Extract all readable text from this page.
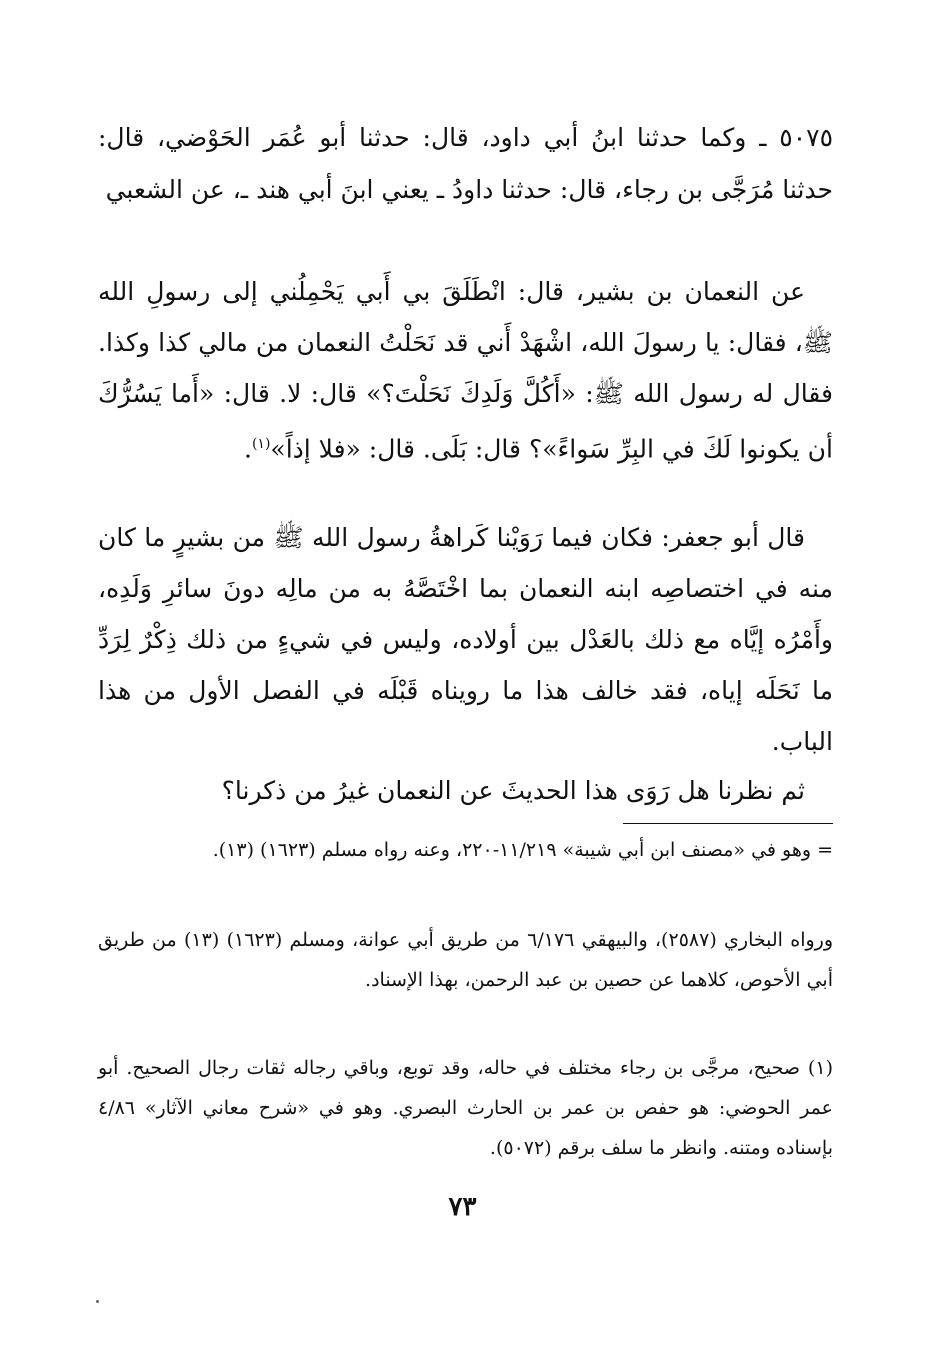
٥٠٧٥ ـ وكما حدثنا ابنُ أبي داود، قال: حدثنا أبو عُمَر الحَوْضي، قال: حدثنا مُرَجَّى بن رجاء، قال: حدثنا داودُ ـ يعني ابنَ أبي هند ـ، عن الشعبي

عن النعمان بن بشير، قال: انْطَلَقَ بي أَبي يَحْمِلُني إلى رسولِ الله ﷺ، فقال: يا رسولَ الله، اشْهَدْ أَني قد نَحَلْتُ النعمان من مالي كذا وكذا. فقال له رسول الله ﷺ: «أَكُلَّ وَلَدِكَ نَحَلْتَ؟» قال: لا. قال: «أَما يَسُرُّكَ أن يكونوا لَكَ في البِرِّ سَواءً»؟ قال: بَلَى. قال: «فلا إذاً»$^{(١)}$.

قال أبو جعفر: فكان فيما رَوَيْنا كَراهةُ رسول الله ﷺ من بشيرٍ ما كان منه في اختصاصِه ابنه النعمان بما اخْتَصَّهُ به من مالِه دونَ سائرِ وَلَدِه، وأَمْرُه إيَّاه مع ذلك بالعَدْل بين أولاده، وليس في شيءٍ من ذلك ذِكْرٌ لِرَدِّ ما نَحَلَه إياه، فقد خالف هذا ما رويناه قَبْلَه في الفصل الأول من هذا الباب.

ثم نظرنا هل رَوَى هذا الحديثَ عن النعمان غيرُ من ذكرنا؟

= وهو في «مصنف ابن أبي شيبة» ١١/٢١٩-٢٢٠، وعنه رواه مسلم (١٦٢٣) (١٣).

ورواه البخاري (٢٥٨٧)، والبيهقي ٦/١٧٦ من طريق أبي عوانة، ومسلم (١٦٢٣) (١٣) من طريق أبي الأحوص، كلاهما عن حصين بن عبد الرحمن، بهذا الإسناد.

(١) صحيح، مرجَّى بن رجاء مختلف في حاله، وقد توبع، وباقي رجاله ثقات رجال الصحيح. أبو عمر الحوضي: هو حفص بن عمر بن الحارث البصري. وهو في «شرح معاني الآثار» ٤/٨٦ بإسناده ومتنه. وانظر ما سلف برقم (٥٠٧٢).

٧٣
